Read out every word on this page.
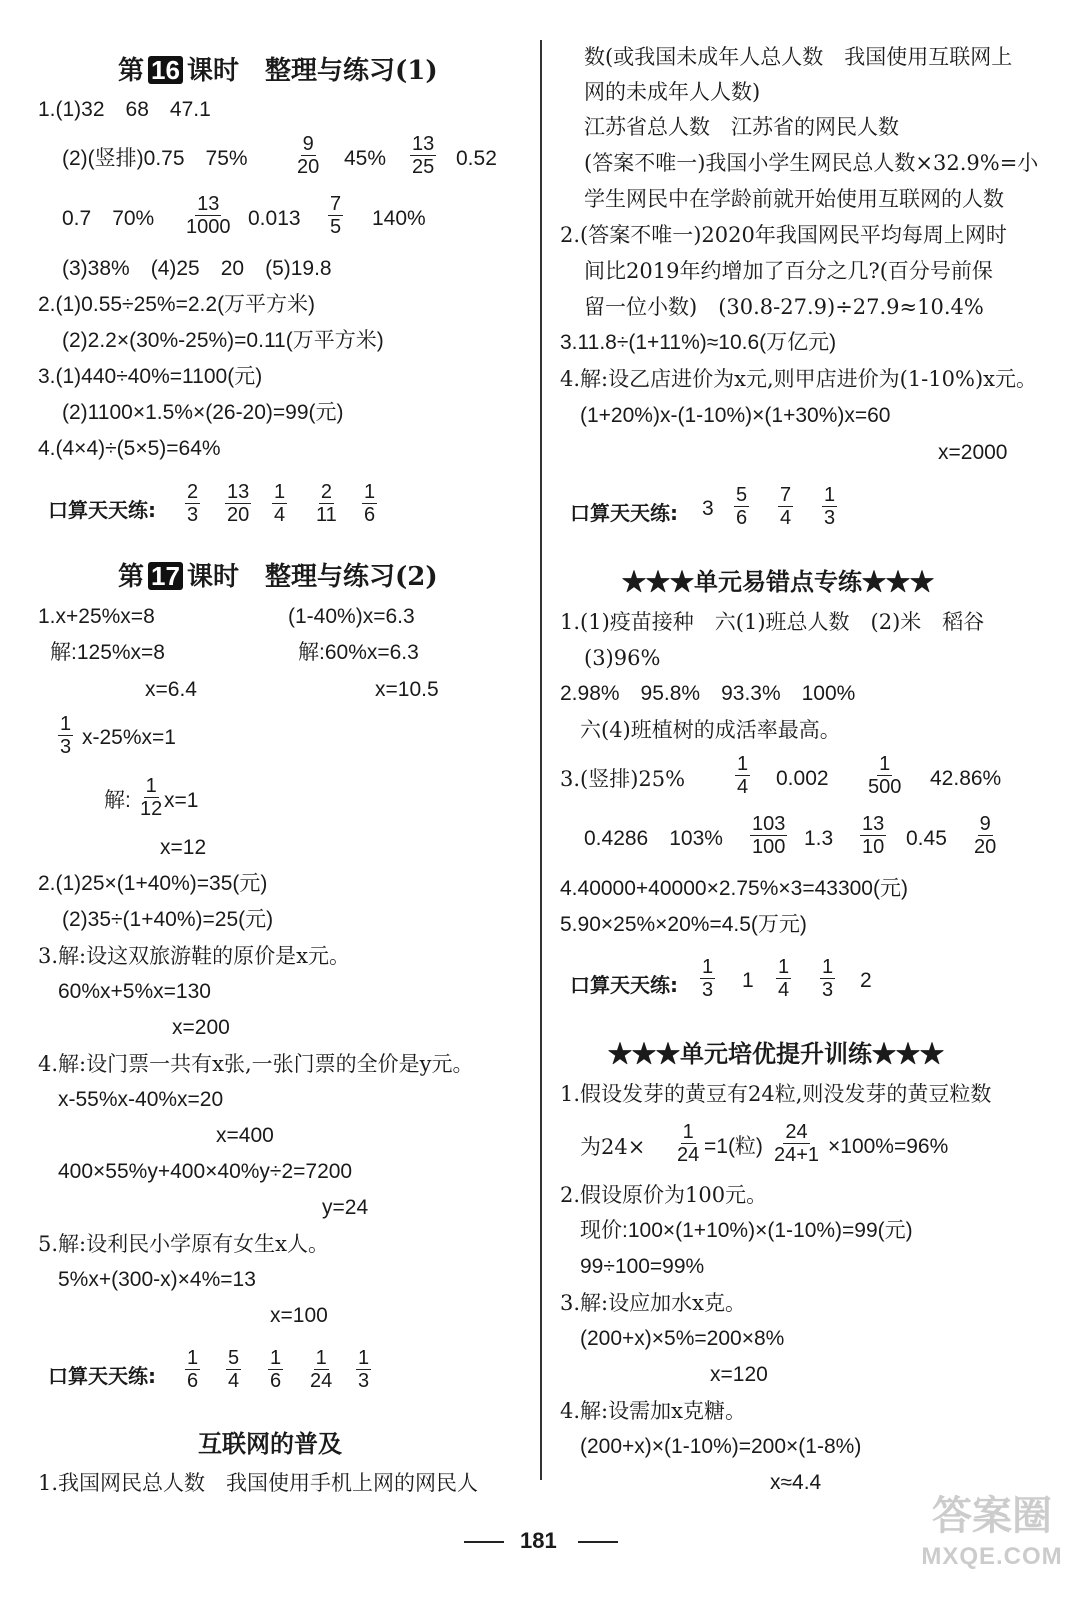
第 16 课时　 整理与练习(1)
1.(1)32　68　47.1
(2)(竖排)0.75　$75\% \frac{9}{20} 45\% \frac{13}{25} 0.52$
0.7　$70\% \frac{13}{1000} 0.013 \frac{7}{5} 140\%$
(3)38%　(4)25　20　(5)19.8
2.(1)0.55÷25%=2.2(万平方米)
(2)2.2×(30%-25%)=0.11(万平方米)
3.(1)440÷40%=1100(元)
(2)1100×1.5%×(26-20)=99(元)
4.(4×4)÷(5×5)=64%
口算天天练: $\frac{2}{3} \frac{13}{20} \frac{1}{4} \frac{2}{11} \frac{1}{6}$
第 17 课时　 整理与练习(2)
1.x+25%x=8	(1-40%)x=6.3
解:125%x=8	解:60%x=6.3
x=6.4	x=10.5
$\frac{1}{3} x-25\%x=1$
解: $\frac{1}{12} x=1$
x=12
2.(1)25×(1+40%)=35(元)
(2)35÷(1+40%)=25(元)
3.解:设这双旅游鞋的原价是x元。
60%x+5%x=130
x=200
4.解:设门票一共有x张,一张门票的全价是y元。
x-55%x-40%x=20
x=400
400×55%y+400×40%y÷2=7200
y=24
5.解:设利民小学原有女生x人。
5%x+(300-x)×4%=13
x=100
口算天天练: $\frac{1}{6} \frac{5}{4} \frac{1}{6} \frac{1}{24} \frac{1}{3}$
互联网的普及
1.我国网民总人数　我国使用手机上网的网民人
数(或我国未成年人总人数　我国使用互联网上
网的未成年人人数)
江苏省总人数　江苏省的网民人数
(答案不唯一)我国小学生网民总人数×32.9%=小
学生网民中在学龄前就开始使用互联网的人数
2.(答案不唯一)2020年我国网民平均每周上网时
间比2019年约增加了百分之几?(百分号前保
留一位小数)　(30.8-27.9)÷27.9≈10.4%
3.11.8÷(1+11%)≈10.6(万亿元)
4.解:设乙店进价为x元,则甲店进价为(1-10%)x元。
(1+20%)x-(1-10%)×(1+30%)x=60
x=2000
口算天天练: $3 \frac{5}{6} \frac{7}{4} \frac{1}{3}$
★★★单元易错点专练★★★
1.(1)疫苗接种　六(1)班总人数　(2)米　稻谷
(3)96%
2.98%　95.8%　93.3%　100%
六(4)班植树的成活率最高。
3.(竖排)$25\% \frac{1}{4} 0.002 \frac{1}{500} 42.86\%$
0.4286　$103\% \frac{103}{100} 1.3 \frac{13}{10} 0.45 \frac{9}{20}$
4.40000+40000×2.75%×3=43300(元)
5.90×25%×20%=4.5(万元)
口算天天练: $\frac{1}{3} 1 \frac{1}{4} \frac{1}{3} 2$
★★★单元培优提升训练★★★
1.假设发芽的黄豆有24粒,则没发芽的黄豆粒数
为$24\times \frac{1}{24} =1$(粒) $\frac{24}{24+1} \times 100\%=96\%$
2.假设原价为100元。
现价:100×(1+10%)×(1-10%)=99(元)
99÷100=99%
3.解:设应加水x克。
(200+x)×5%=200×8%
x=120
4.解:设需加x克糖。
(200+x)×(1-10%)=200×(1-8%)
x≈4.4
181
答案圈
MXQE.COM
